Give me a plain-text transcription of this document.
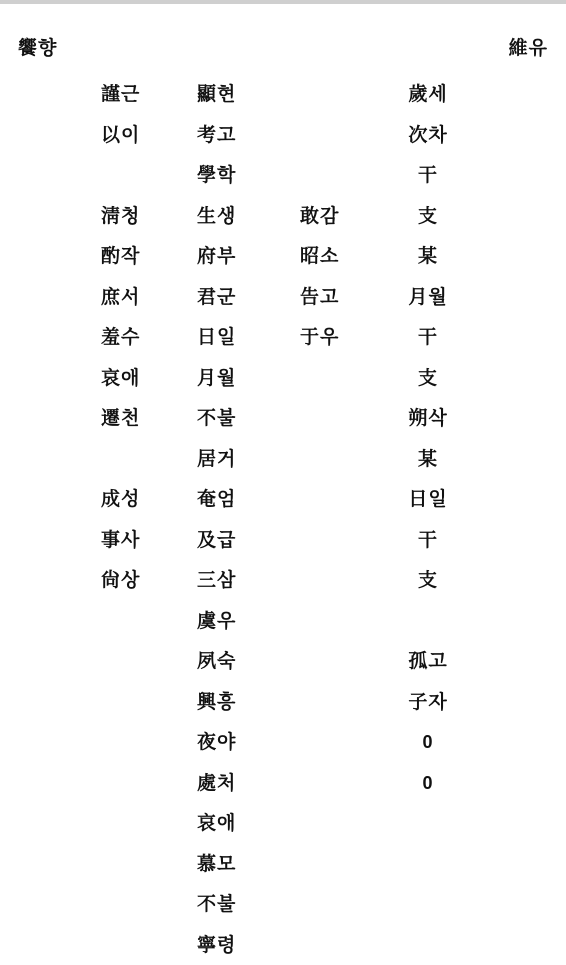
饗향	維유
謹근
以이
淸청
酌작
庶서
羞수
哀애
遷천
成성
事사
尙상
顯현
考고
學학
生생
府부
君군
日일
月월
不불
居거
奄엄
及급
三삼
虞우
夙숙
興흥
夜야
處처
哀애
慕모
不불
寧령
敢감
昭소
告고
于우
歲세
次차
干
支
某
月월
干
支
朔삭
某
日일
干
支
孤고
子자
0
0
